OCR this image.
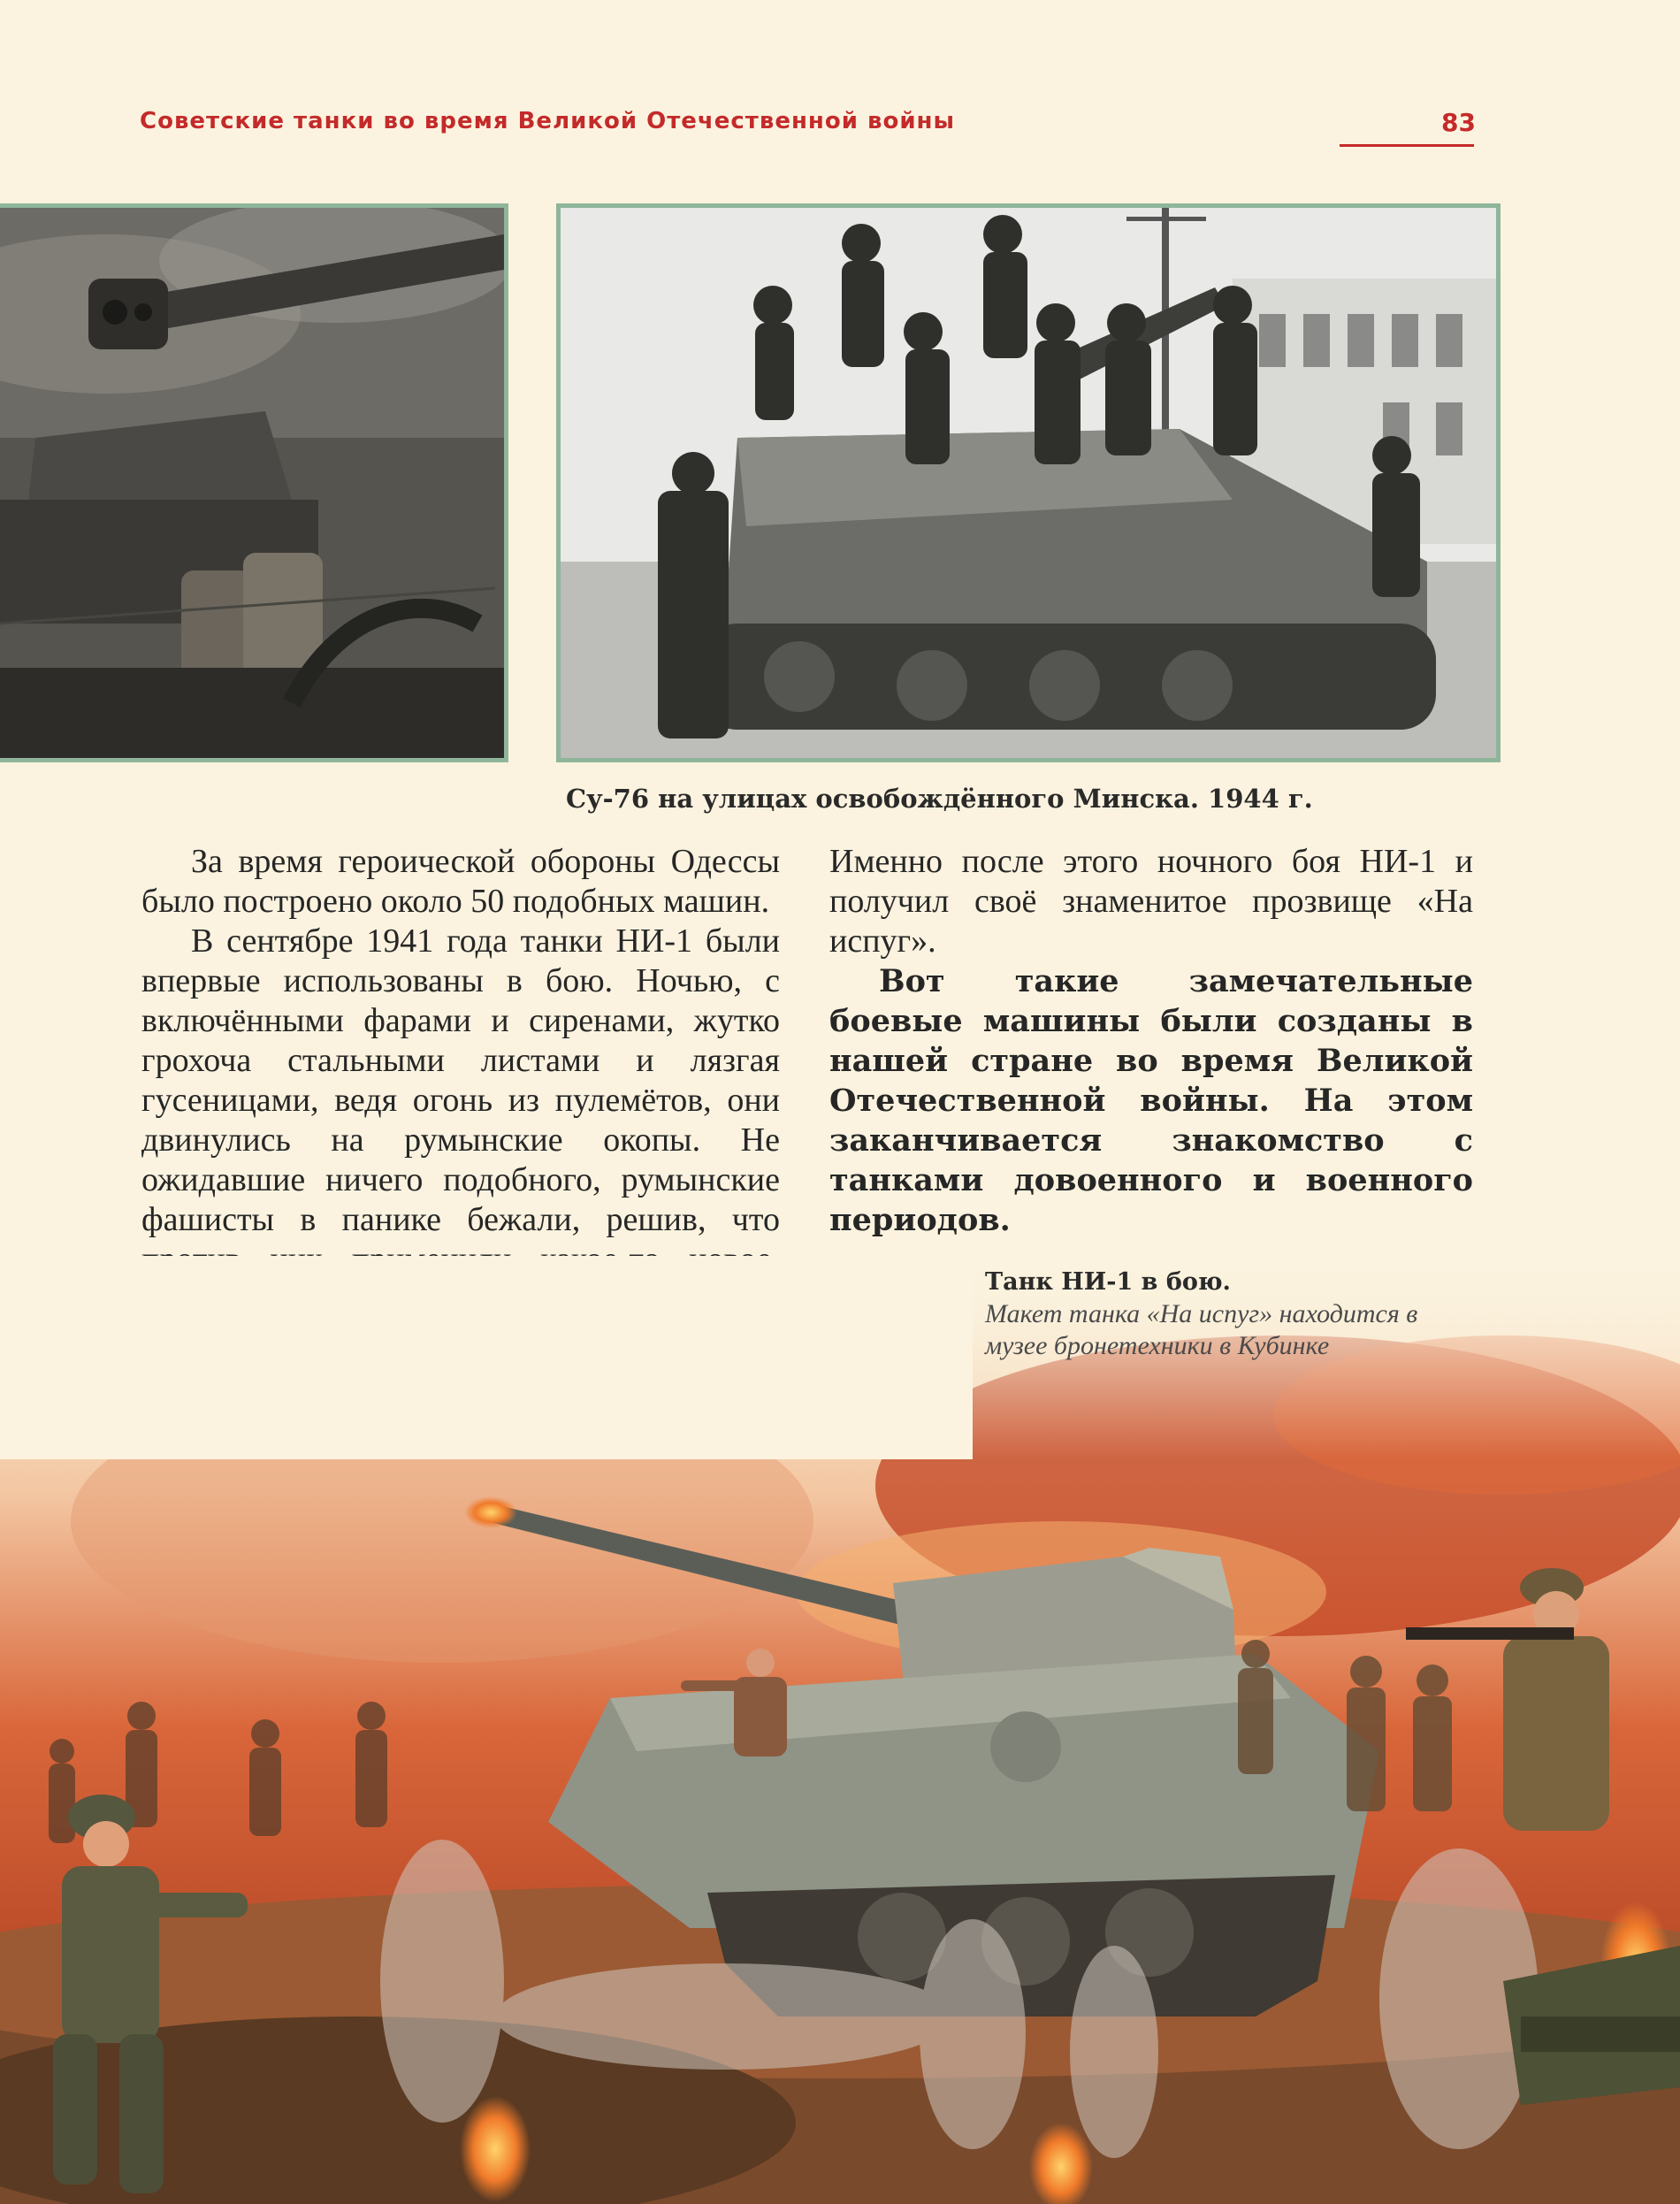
Советские танки во время Великой Отечественной войны	83
Су-76 на улицах освобождённого Минска. 1944 г.

За время героической обороны Одессы было построено около 50 подобных машин.

В сентябре 1941 года танки НИ-1 были впервые использованы в бою. Ночью, с включёнными фарами и сиренами, жутко грохоча стальными листами и лязгая гусеницами, ведя огонь из пулемётов, они двинулись на румынские окопы. Не ожидавшие ничего подобного, румынские фашисты в панике бежали, решив, что

Именно после этого ночного боя НИ-1 и получил своё знаменитое прозвище «На испуг».

Вот такие замечательные боевые машины были созданы в нашей стране во время Великой Отечественной войны. На этом заканчивается знакомство с танками довоенного и военного периодов.

Танк НИ-1 в бою.
Макет танка «На испуг» находится в музее бронетехники в Кубинке
